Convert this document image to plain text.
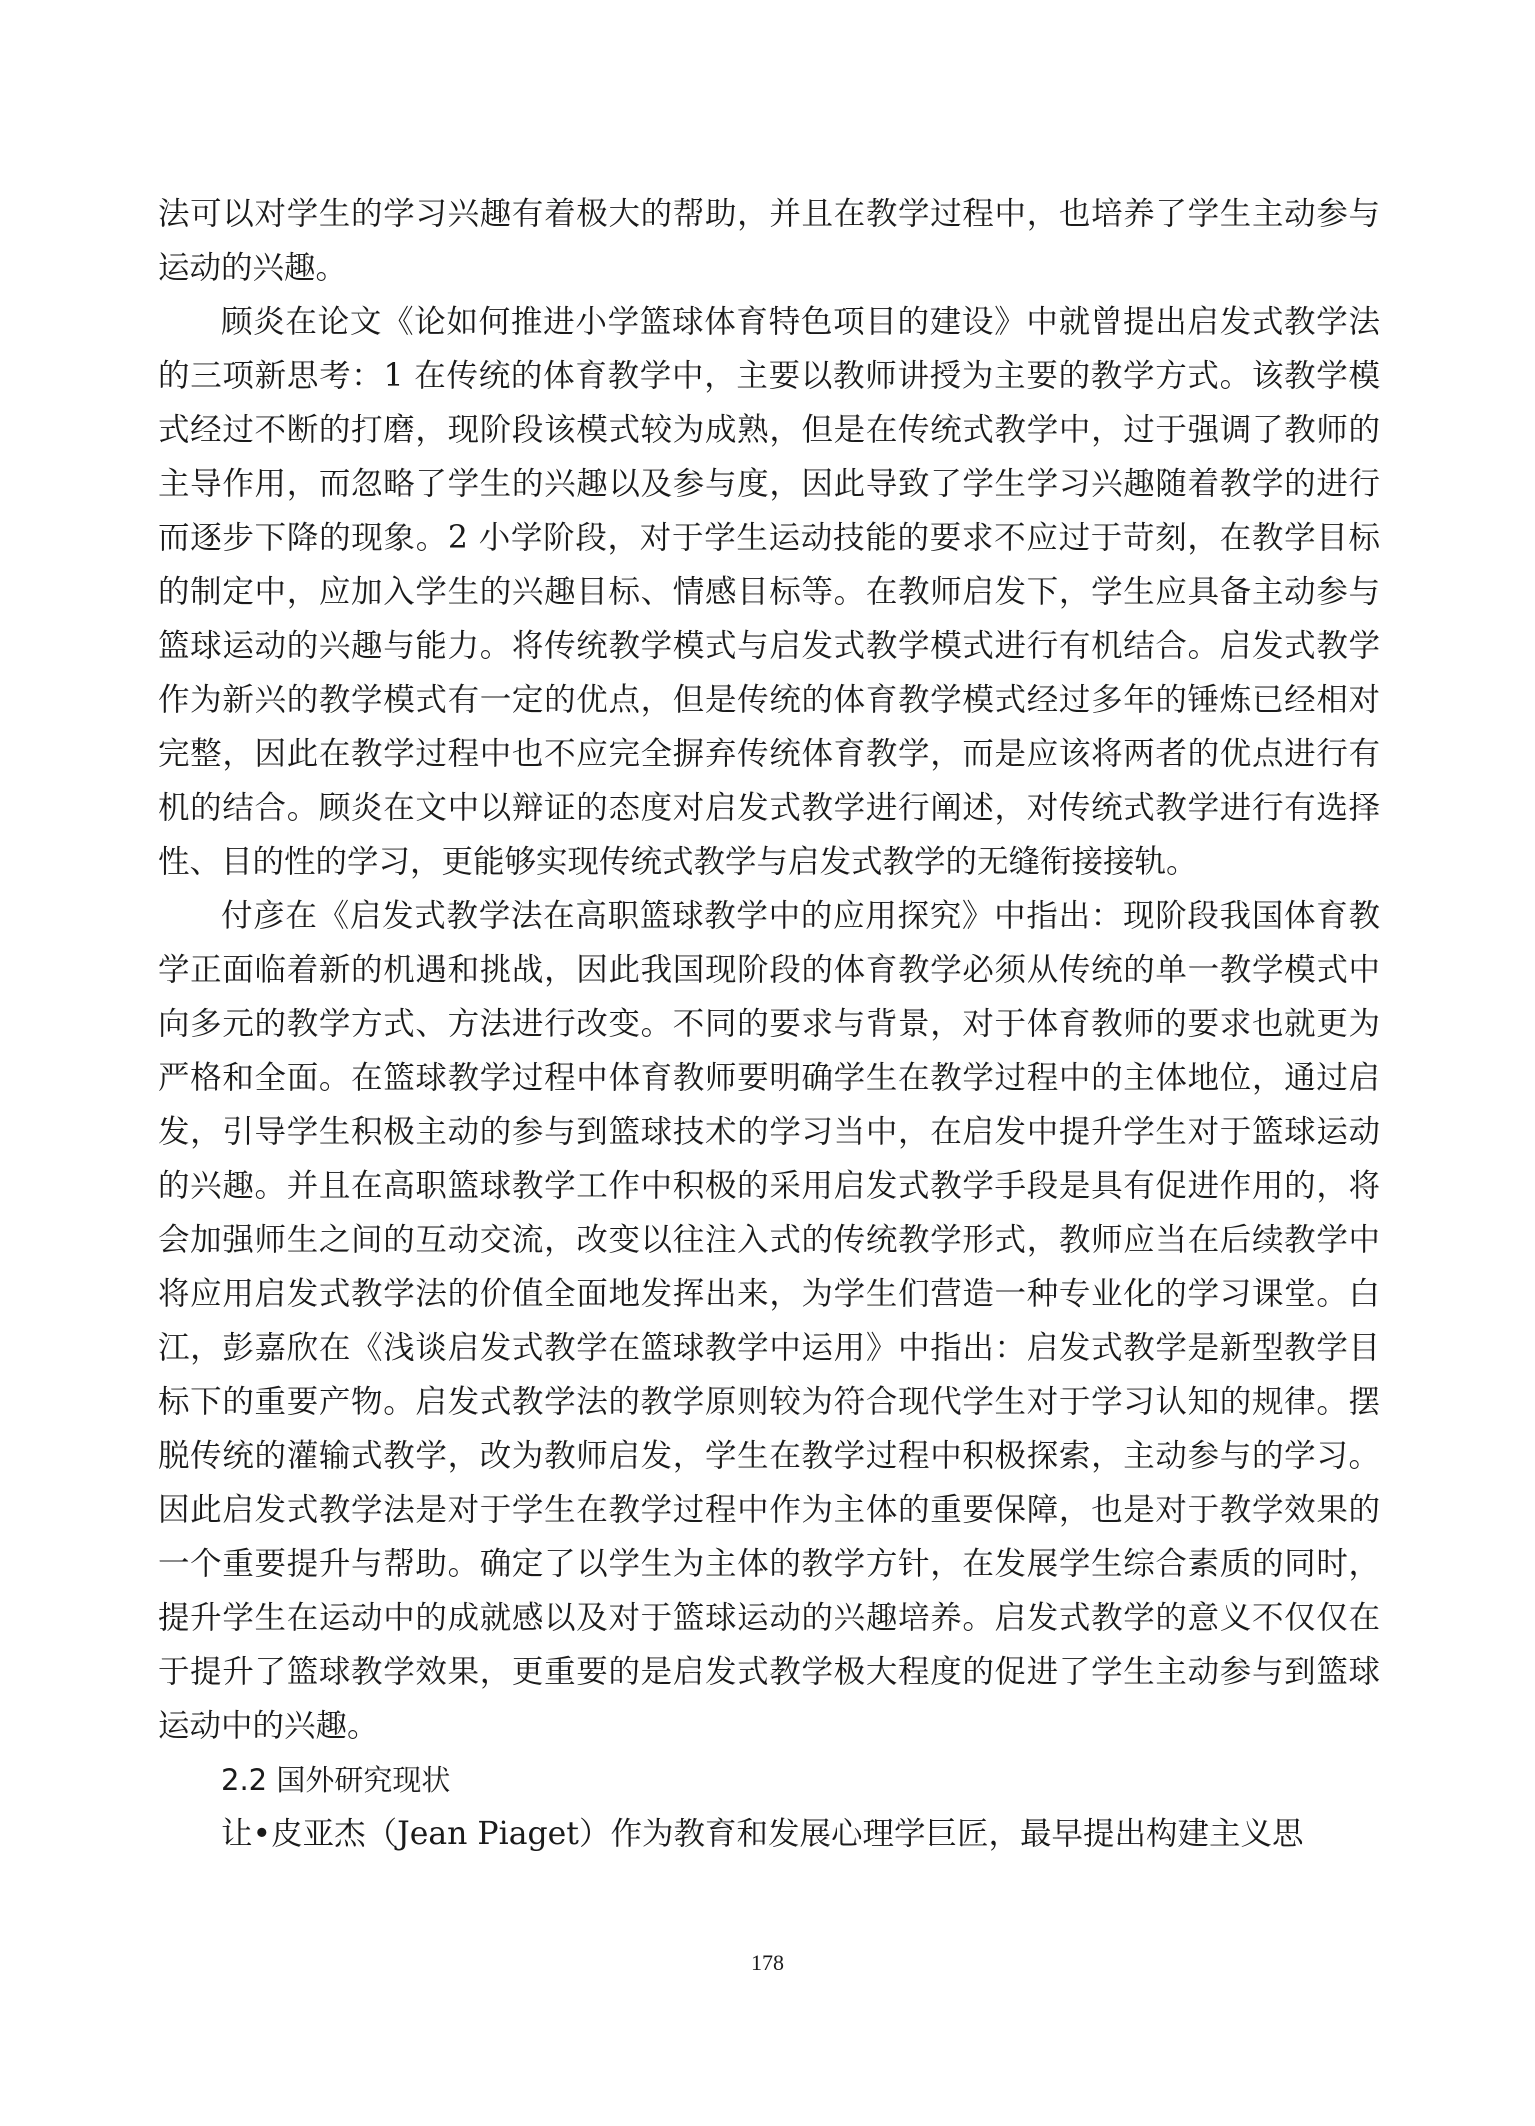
法可以对学生的学习兴趣有着极大的帮助，并且在教学过程中，也培养了学生主动参与运动的兴趣。

顾炎在论文《论如何推进小学篮球体育特色项目的建设》中就曾提出启发式教学法的三项新思考：1 在传统的体育教学中，主要以教师讲授为主要的教学方式。该教学模式经过不断的打磨，现阶段该模式较为成熟，但是在传统式教学中，过于强调了教师的主导作用，而忽略了学生的兴趣以及参与度，因此导致了学生学习兴趣随着教学的进行而逐步下降的现象。2 小学阶段，对于学生运动技能的要求不应过于苛刻，在教学目标的制定中，应加入学生的兴趣目标、情感目标等。在教师启发下，学生应具备主动参与篮球运动的兴趣与能力。将传统教学模式与启发式教学模式进行有机结合。启发式教学作为新兴的教学模式有一定的优点，但是传统的体育教学模式经过多年的锤炼已经相对完整，因此在教学过程中也不应完全摒弃传统体育教学，而是应该将两者的优点进行有机的结合。顾炎在文中以辩证的态度对启发式教学进行阐述，对传统式教学进行有选择性、目的性的学习，更能够实现传统式教学与启发式教学的无缝衔接接轨。

付彦在《启发式教学法在高职篮球教学中的应用探究》中指出：现阶段我国体育教学正面临着新的机遇和挑战，因此我国现阶段的体育教学必须从传统的单一教学模式中向多元的教学方式、方法进行改变。不同的要求与背景，对于体育教师的要求也就更为严格和全面。在篮球教学过程中体育教师要明确学生在教学过程中的主体地位，通过启发，引导学生积极主动的参与到篮球技术的学习当中，在启发中提升学生对于篮球运动的兴趣。并且在高职篮球教学工作中积极的采用启发式教学手段是具有促进作用的，将会加强师生之间的互动交流，改变以往注入式的传统教学形式，教师应当在后续教学中将应用启发式教学法的价值全面地发挥出来，为学生们营造一种专业化的学习课堂。白江，彭嘉欣在《浅谈启发式教学在篮球教学中运用》中指出：启发式教学是新型教学目标下的重要产物。启发式教学法的教学原则较为符合现代学生对于学习认知的规律。摆脱传统的灌输式教学，改为教师启发，学生在教学过程中积极探索，主动参与的学习。因此启发式教学法是对于学生在教学过程中作为主体的重要保障，也是对于教学效果的一个重要提升与帮助。确定了以学生为主体的教学方针，在发展学生综合素质的同时，提升学生在运动中的成就感以及对于篮球运动的兴趣培养。启发式教学的意义不仅仅在于提升了篮球教学效果，更重要的是启发式教学极大程度的促进了学生主动参与到篮球运动中的兴趣。

2.2 国外研究现状

让•皮亚杰（Jean Piaget）作为教育和发展心理学巨匠，最早提出构建主义思

178
